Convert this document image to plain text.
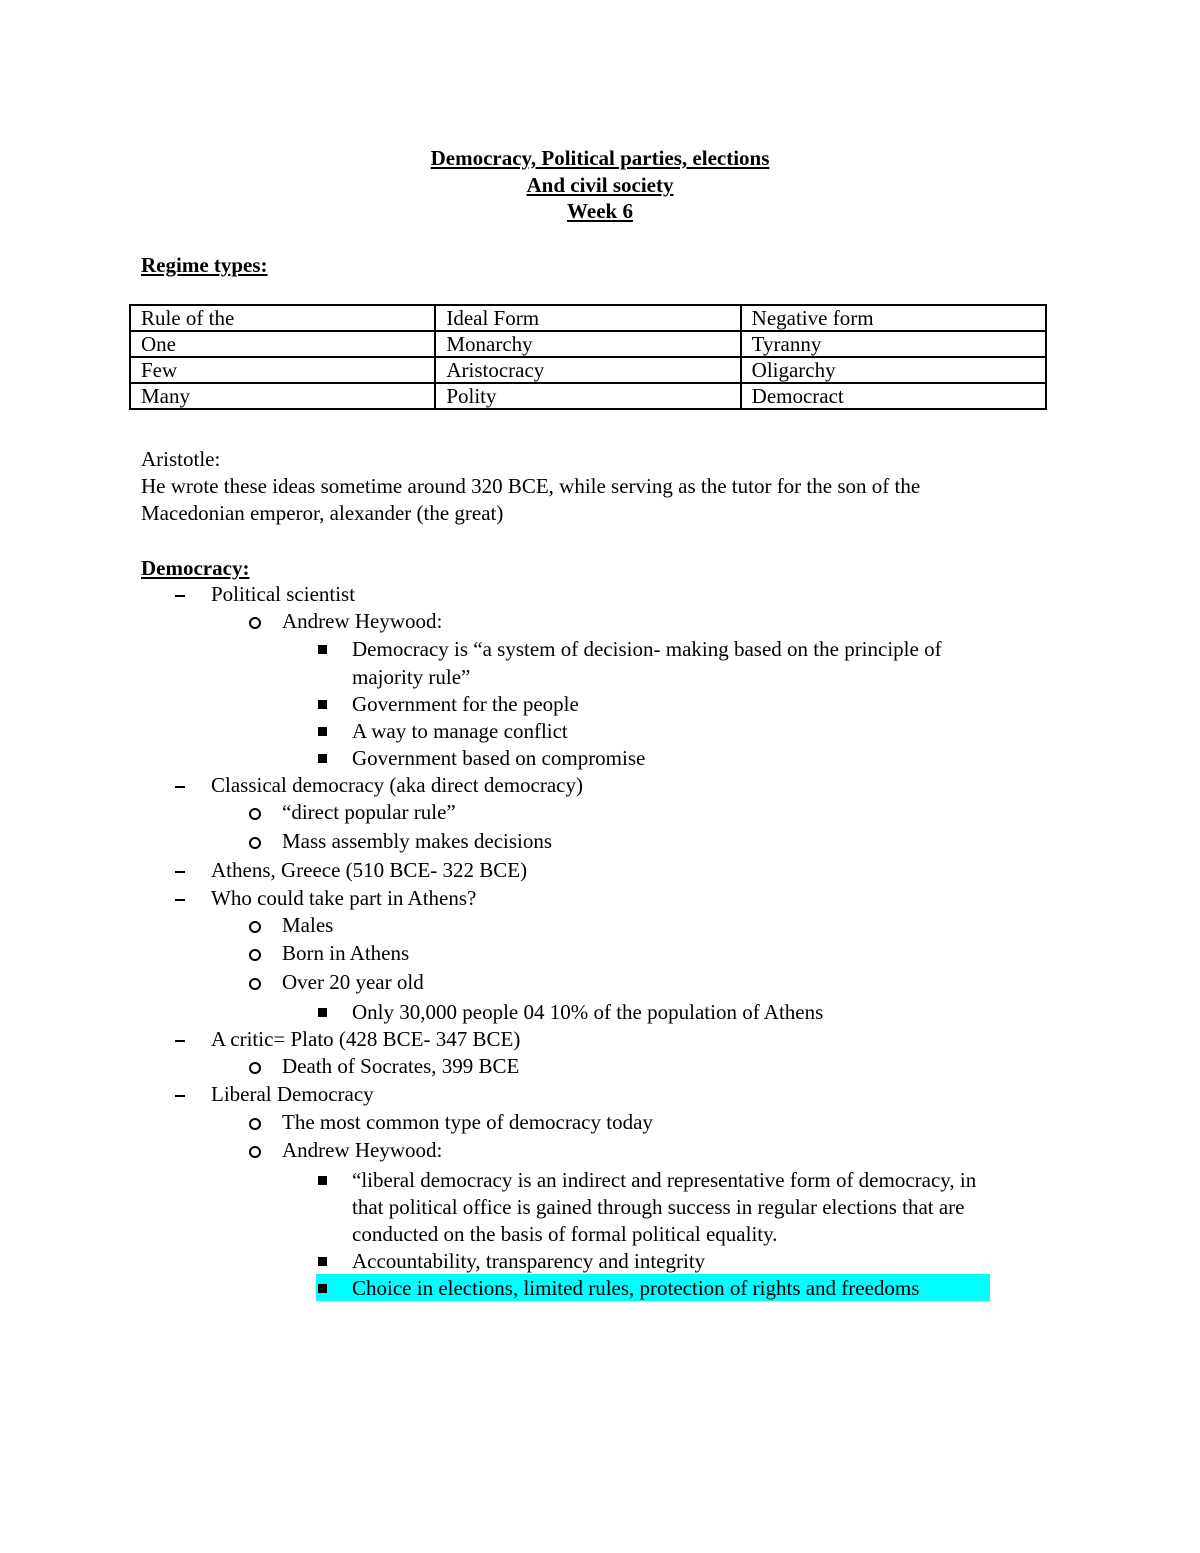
Democracy, Political parties, elections
And civil society
Week 6
Regime types:
Rule of the	Ideal Form	Negative form
One	Monarchy	Tyranny
Few	Aristocracy	Oligarchy
Many	Polity	Democract
Aristotle:
He wrote these ideas sometime around 320 BCE, while serving as the tutor for the son of the
Macedonian emperor, alexander (the great)
Democracy:
Political scientist
Andrew Heywood:
Democracy is “a system of decision- making based on the principle of
majority rule”
Government for the people
A way to manage conflict
Government based on compromise
Classical democracy (aka direct democracy)
“direct popular rule”
Mass assembly makes decisions
Athens, Greece (510 BCE- 322 BCE)
Who could take part in Athens?
Males
Born in Athens
Over 20 year old
Only 30,000 people 04 10% of the population of Athens
A critic= Plato (428 BCE- 347 BCE)
Death of Socrates, 399 BCE
Liberal Democracy
The most common type of democracy today
Andrew Heywood:
“liberal democracy is an indirect and representative form of democracy, in
that political office is gained through success in regular elections that are
conducted on the basis of formal political equality.
Accountability, transparency and integrity
Choice in elections, limited rules, protection of rights and freedoms
